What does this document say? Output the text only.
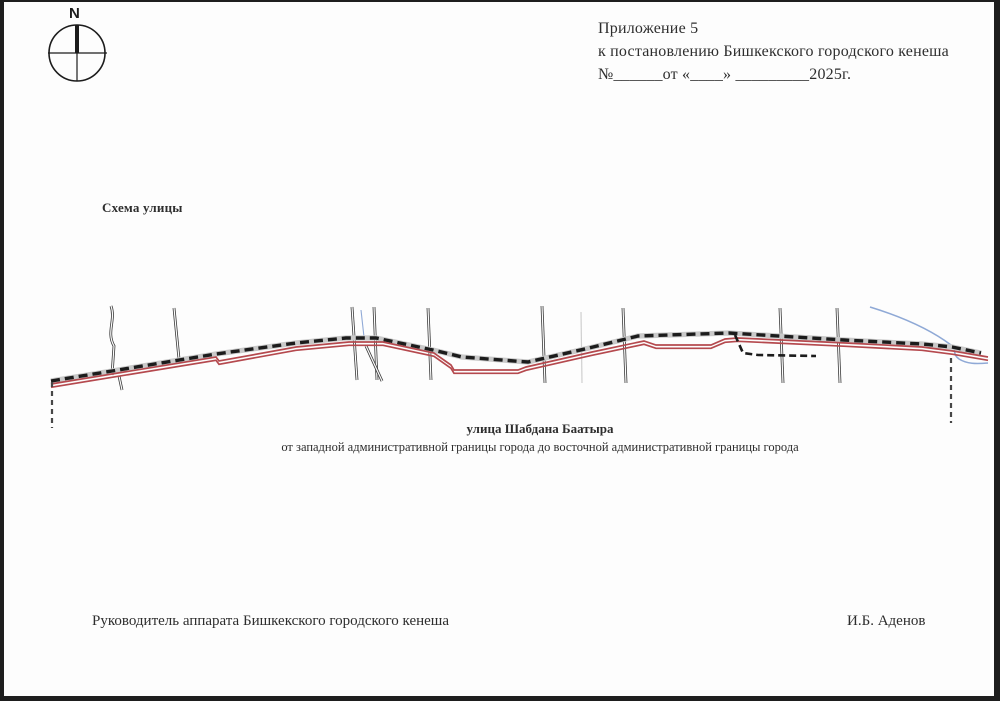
N
Приложение 5
к постановлению Бишкекского городского кенеша
№______от «____» _________2025г.
Схема улицы
улица Шабдана Баатыра
от западной административной границы города до восточной административной границы города
Руководитель аппарата Бишкекского городского кенеша	И.Б. Аденов
